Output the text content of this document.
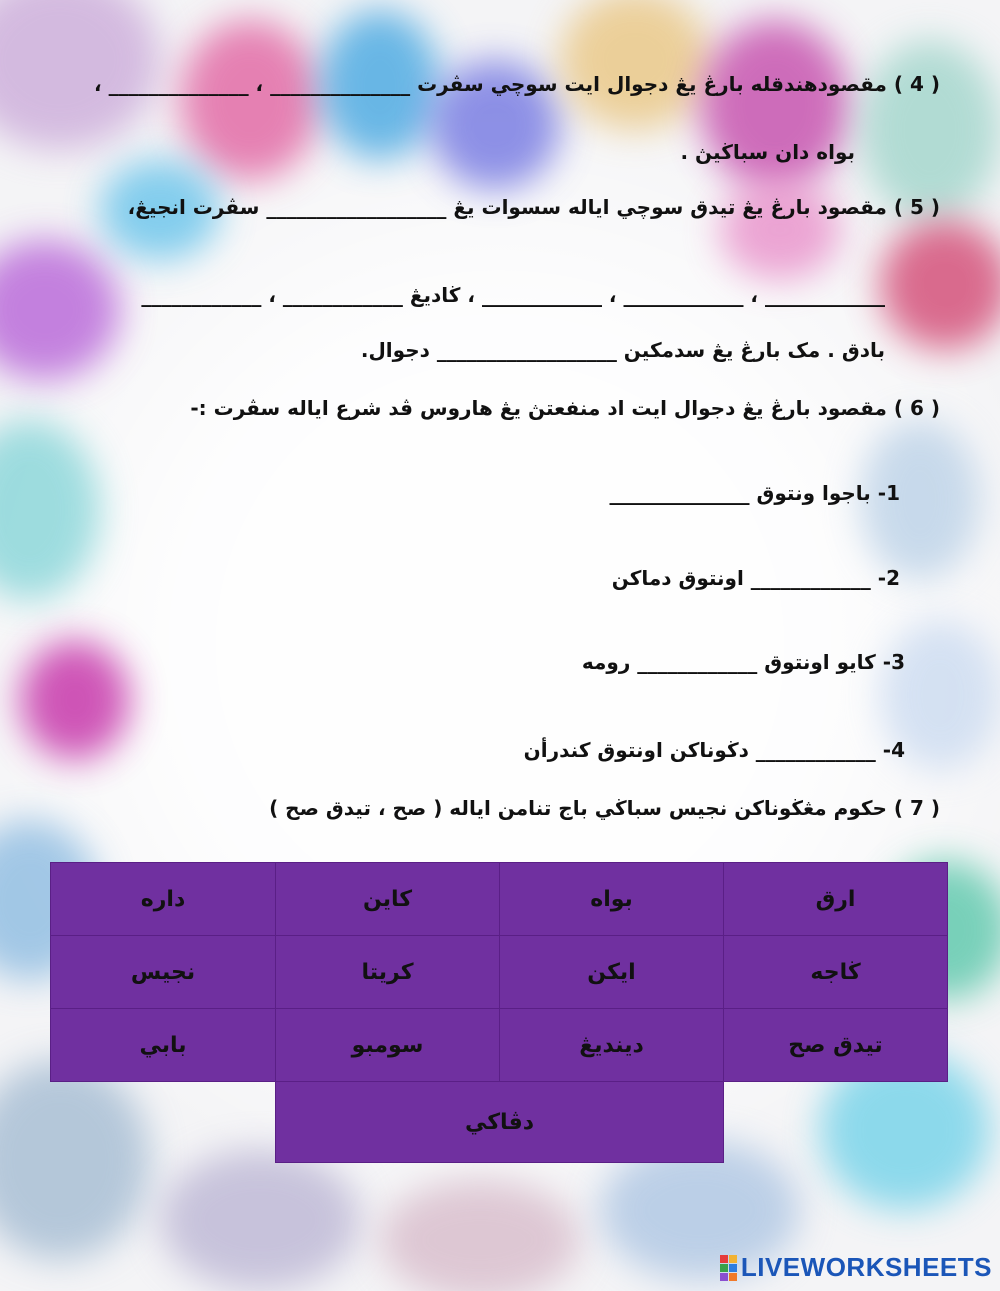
( 4 ) مقصودهندقله بارڠ يڠ دجوال ايت سوچي سڤرت ______________ ، ______________ ،
بواه دان سباڬيڽ .
( 5 ) مقصود بارڠ يڠ تيدق سوچي اياله سسوات يڠ __________________ سڤرت انجيڠ،
____________ ، ____________ ، ____________ ، ڬاديڠ ____________ ، ____________
بادق . مک بارڠ يڠ سدمكين __________________ دجوال.
( 6 ) مقصود بارڠ يڠ دجوال ايت اد منفعتڽ يڠ هاروس ڤد شرع اياله سڤرت :-
1- باجوا ونتوق ______________
2- ____________ اونتوق دماكن
3- كايو اونتوق ____________ رومه
4- ____________ دڬوناكن اونتوق كندرأن
( 7 ) حكوم مڠڬوناكن نجيس سباڬي باج تنامن اياله ( صح ، تيدق صح )
ارق
بواه
كاين
داره
ڬاجه
ايكن
كريتا
نجيس
تيدق صح
دينديڠ
سومبو
بابي
دڤاكي
LIVEWORKSHEETS
